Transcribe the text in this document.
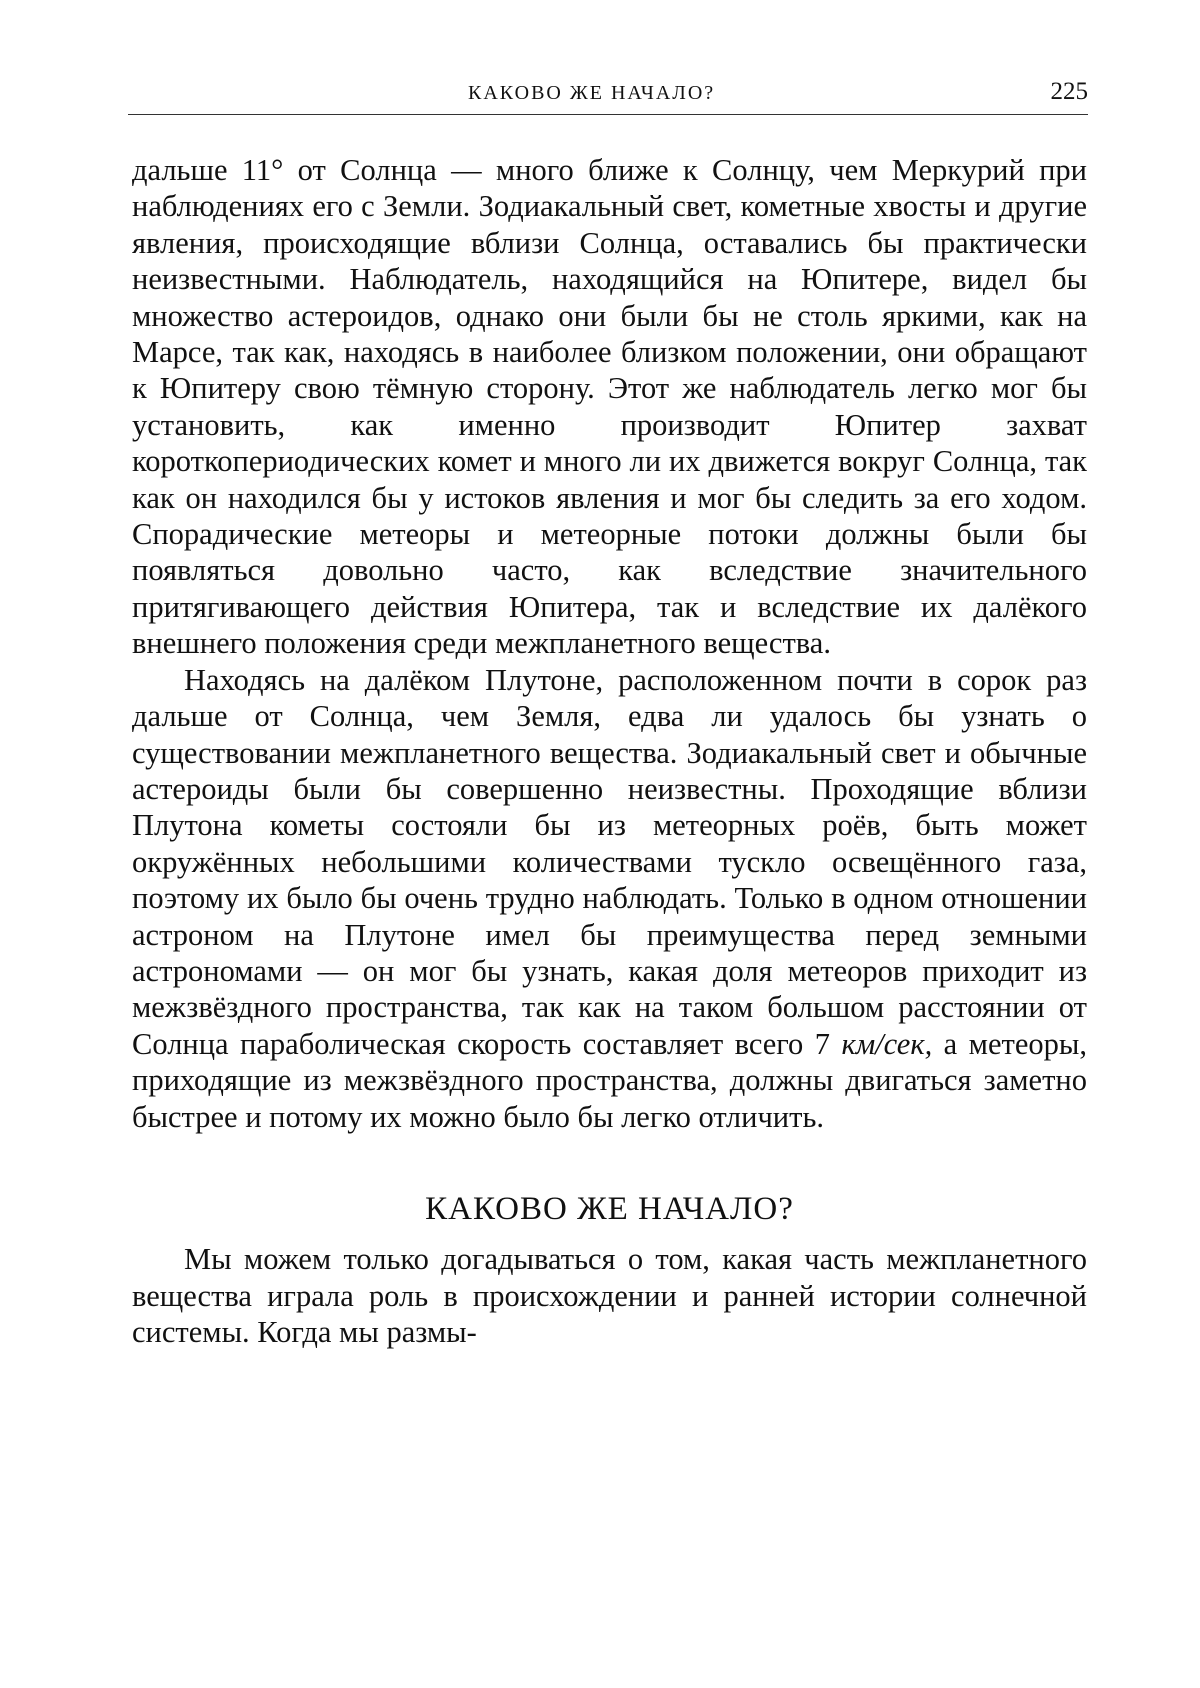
КАКОВО ЖЕ НАЧАЛО?	225

дальше 11° от Солнца — много ближе к Солнцу, чем Меркурий при наблюдениях его с Земли. Зодиакальный свет, кометные хвосты и другие явления, происходящие вблизи Солнца, оставались бы практически неизвестными. Наблюдатель, находящийся на Юпитере, видел бы множество астероидов, однако они были бы не столь яркими, как на Марсе, так как, находясь в наиболее близком положении, они обращают к Юпитеру свою тёмную сторону. Этот же наблюдатель легко мог бы установить, как именно производит Юпитер захват короткопериодических комет и много ли их движется вокруг Солнца, так как он находился бы у истоков явления и мог бы следить за его ходом. Спорадические метеоры и метеорные потоки должны были бы появляться довольно часто, как вследствие значительного притягивающего действия Юпитера, так и вследствие их далёкого внешнего положения среди межпланетного вещества.

Находясь на далёком Плутоне, расположенном почти в сорок раз дальше от Солнца, чем Земля, едва ли удалось бы узнать о существовании межпланетного вещества. Зодиакальный свет и обычные астероиды были бы совершенно неизвестны. Проходящие вблизи Плутона кометы состояли бы из метеорных роёв, быть может окружённых небольшими количествами тускло освещённого газа, поэтому их было бы очень трудно наблюдать. Только в одном отношении астроном на Плутоне имел бы преимущества перед земными астрономами — он мог бы узнать, какая доля метеоров приходит из межзвёздного пространства, так как на таком большом расстоянии от Солнца параболическая скорость составляет всего 7 км/сек, а метеоры, приходящие из межзвёздного пространства, должны двигаться заметно быстрее и потому их можно было бы легко отличить.

КАКОВО ЖЕ НАЧАЛО?

Мы можем только догадываться о том, какая часть межпланетного вещества играла роль в происхождении и ранней истории солнечной системы. Когда мы размы-
